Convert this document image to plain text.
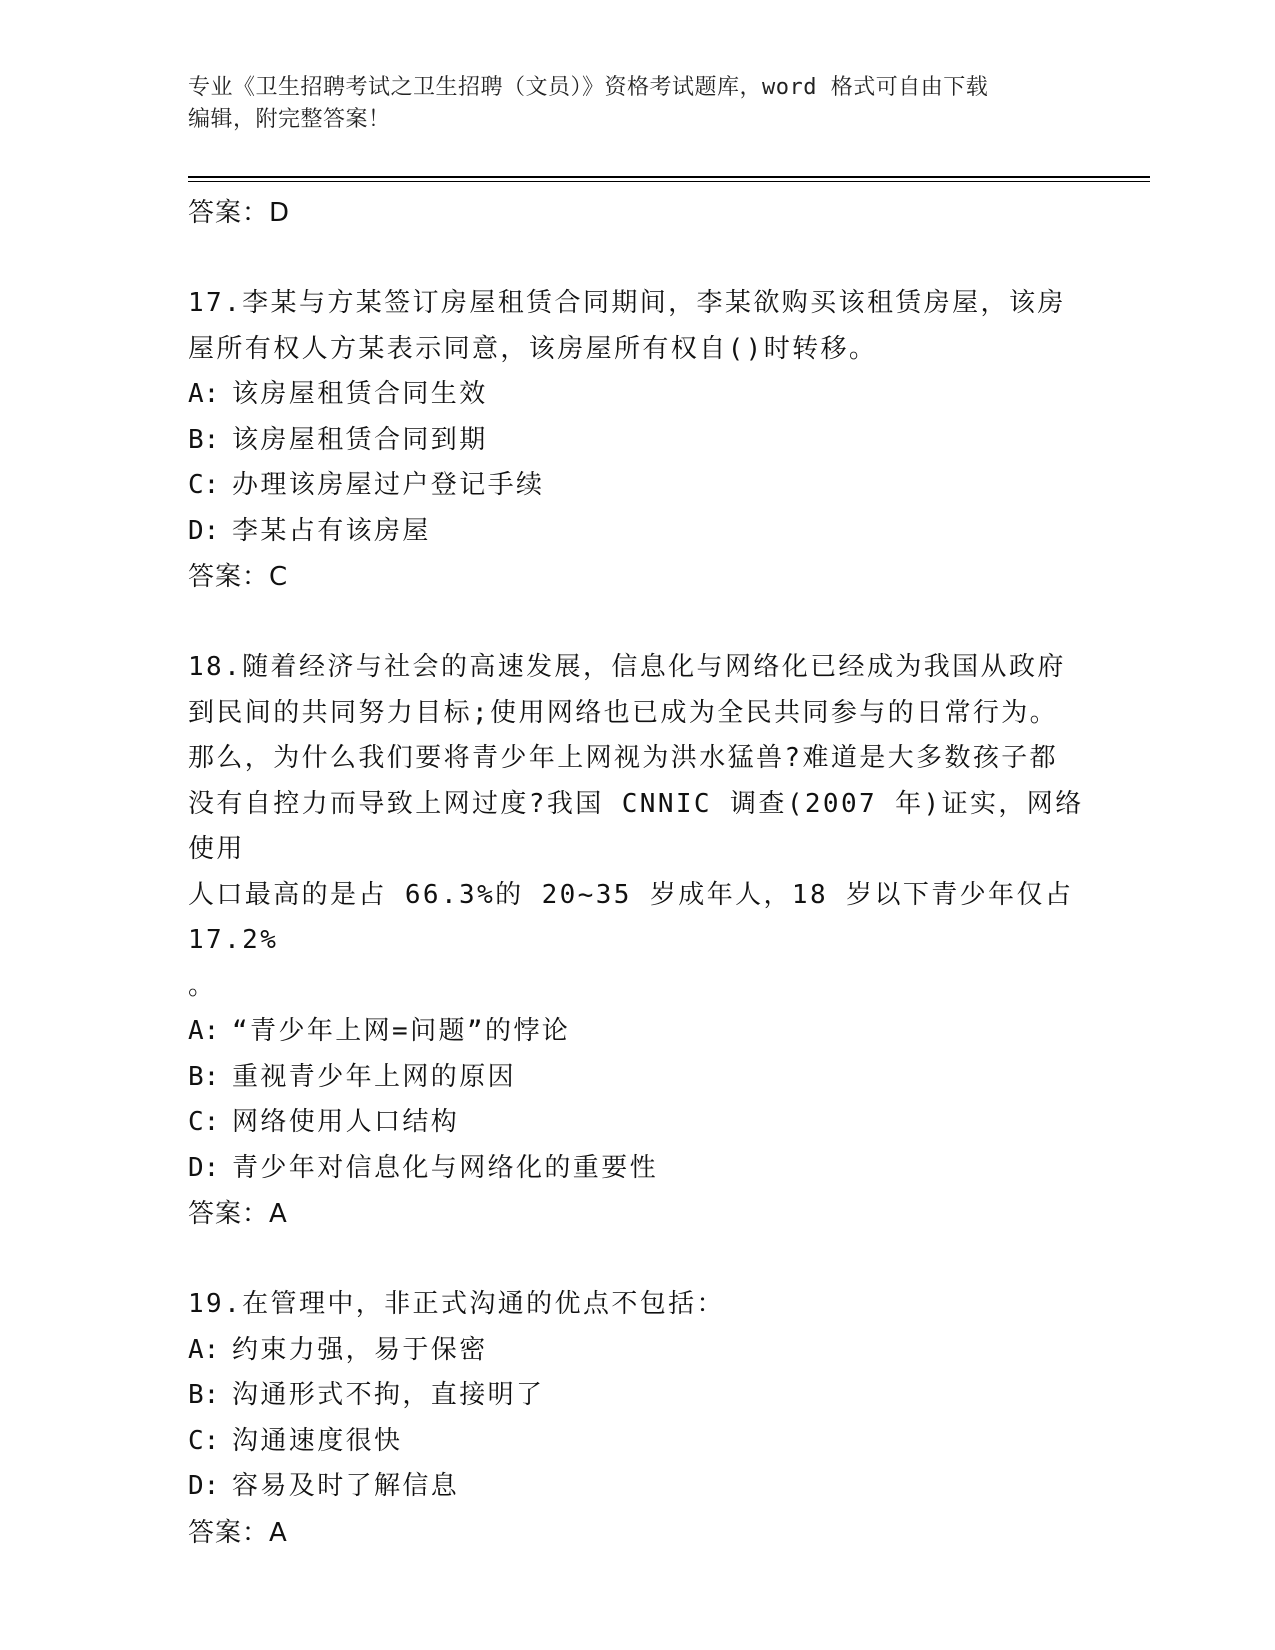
专业《卫生招聘考试之卫生招聘（文员）》资格考试题库，word 格式可自由下载
编辑，附完整答案！

答案：D

17.李某与方某签订房屋租赁合同期间，李某欲购买该租赁房屋，该房

屋所有权人方某表示同意，该房屋所有权自()时转移。

A: 该房屋租赁合同生效

B: 该房屋租赁合同到期

C: 办理该房屋过户登记手续

D: 李某占有该房屋

答案：C

18.随着经济与社会的高速发展，信息化与网络化已经成为我国从政府

到民间的共同努力目标;使用网络也已成为全民共同参与的日常行为。

那么，为什么我们要将青少年上网视为洪水猛兽?难道是大多数孩子都

没有自控力而导致上网过度?我国 CNNIC 调查(2007 年)证实，网络使用

人口最高的是占 66.3%的 20~35 岁成年人，18 岁以下青少年仅占 17.2%

。

A: “青少年上网=问题”的悖论

B: 重视青少年上网的原因

C: 网络使用人口结构

D: 青少年对信息化与网络化的重要性

答案：A

19.在管理中，非正式沟通的优点不包括：

A: 约束力强，易于保密

B: 沟通形式不拘，直接明了

C: 沟通速度很快

D: 容易及时了解信息

答案：A
